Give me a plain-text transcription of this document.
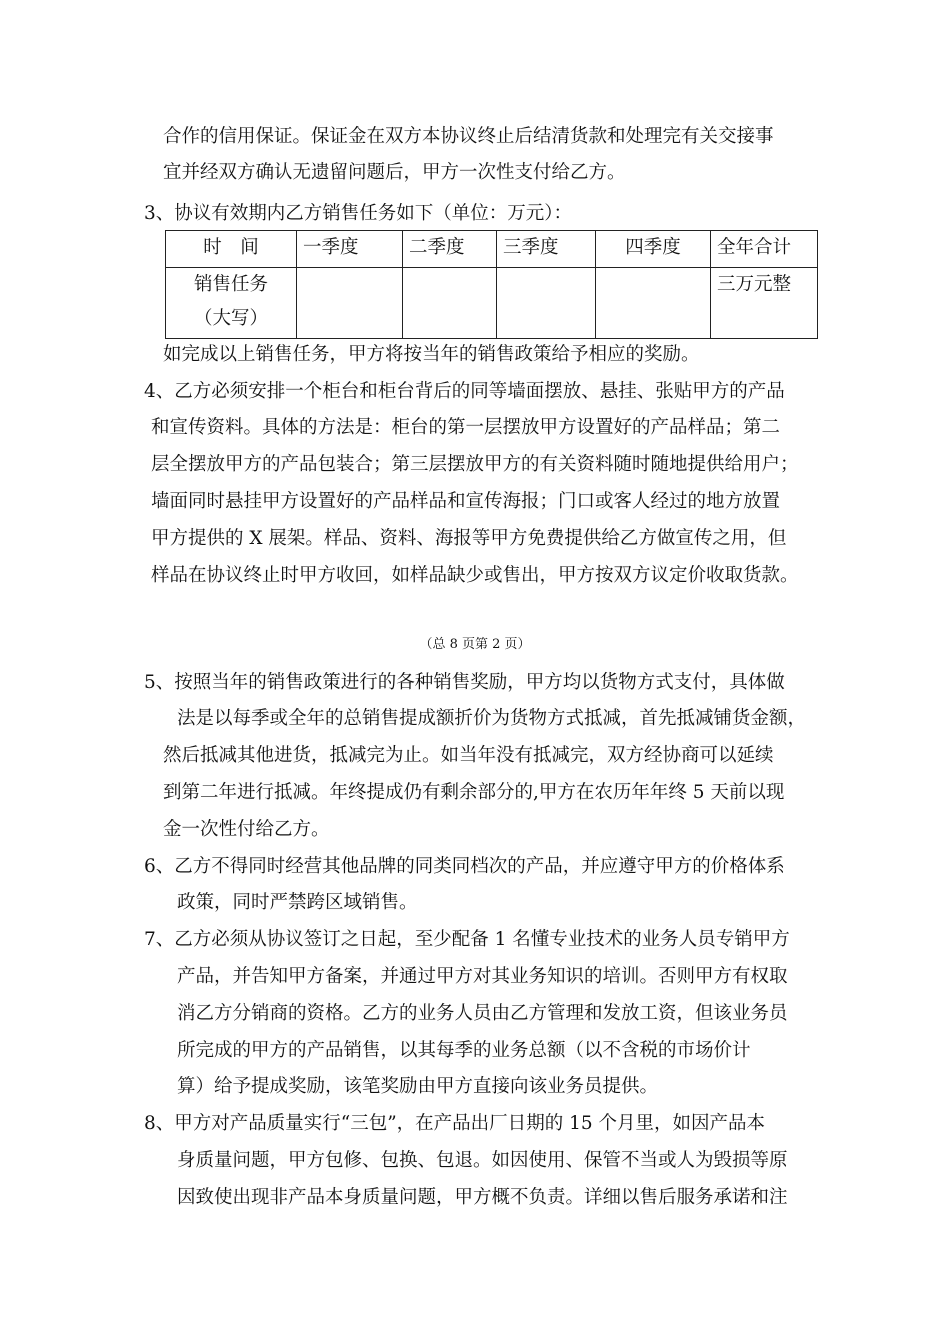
合作的信用保证。保证金在双方本协议终止后结清货款和处理完有关交接事
宜并经双方确认无遗留问题后，甲方一次性支付给乙方。
3、协议有效期内乙方销售任务如下（单位：万元）：
时　间	一季度	二季度	三季度	四季度	全年合计

销售任务
（大写）					三万元整
如完成以上销售任务，甲方将按当年的销售政策给予相应的奖励。
4、乙方必须安排一个柜台和柜台背后的同等墙面摆放、悬挂、张贴甲方的产品
和宣传资料。具体的方法是：柜台的第一层摆放甲方设置好的产品样品；第二
层全摆放甲方的产品包装合；第三层摆放甲方的有关资料随时随地提供给用户；
墙面同时悬挂甲方设置好的产品样品和宣传海报；门口或客人经过的地方放置
甲方提供的 X 展架。样品、资料、海报等甲方免费提供给乙方做宣传之用，但
样品在协议终止时甲方收回，如样品缺少或售出，甲方按双方议定价收取货款。
（总 8 页第 2 页）
5、按照当年的销售政策进行的各种销售奖励，甲方均以货物方式支付，具体做
法是以每季或全年的总销售提成额折价为货物方式抵减，首先抵减铺货金额，
然后抵减其他进货，抵减完为止。如当年没有抵减完，双方经协商可以延续
到第二年进行抵减。年终提成仍有剩余部分的,甲方在农历年年终 5 天前以现
金一次性付给乙方。
6、乙方不得同时经营其他品牌的同类同档次的产品，并应遵守甲方的价格体系
政策，同时严禁跨区域销售。
7、乙方必须从协议签订之日起，至少配备 1 名懂专业技术的业务人员专销甲方
产品，并告知甲方备案，并通过甲方对其业务知识的培训。否则甲方有权取
消乙方分销商的资格。乙方的业务人员由乙方管理和发放工资，但该业务员
所完成的甲方的产品销售，以其每季的业务总额（以不含税的市场价计
算）给予提成奖励，该笔奖励由甲方直接向该业务员提供。
8、甲方对产品质量实行“三包”，在产品出厂日期的 15 个月里，如因产品本
身质量问题，甲方包修、包换、包退。如因使用、保管不当或人为毁损等原
因致使出现非产品本身质量问题，甲方概不负责。详细以售后服务承诺和注
